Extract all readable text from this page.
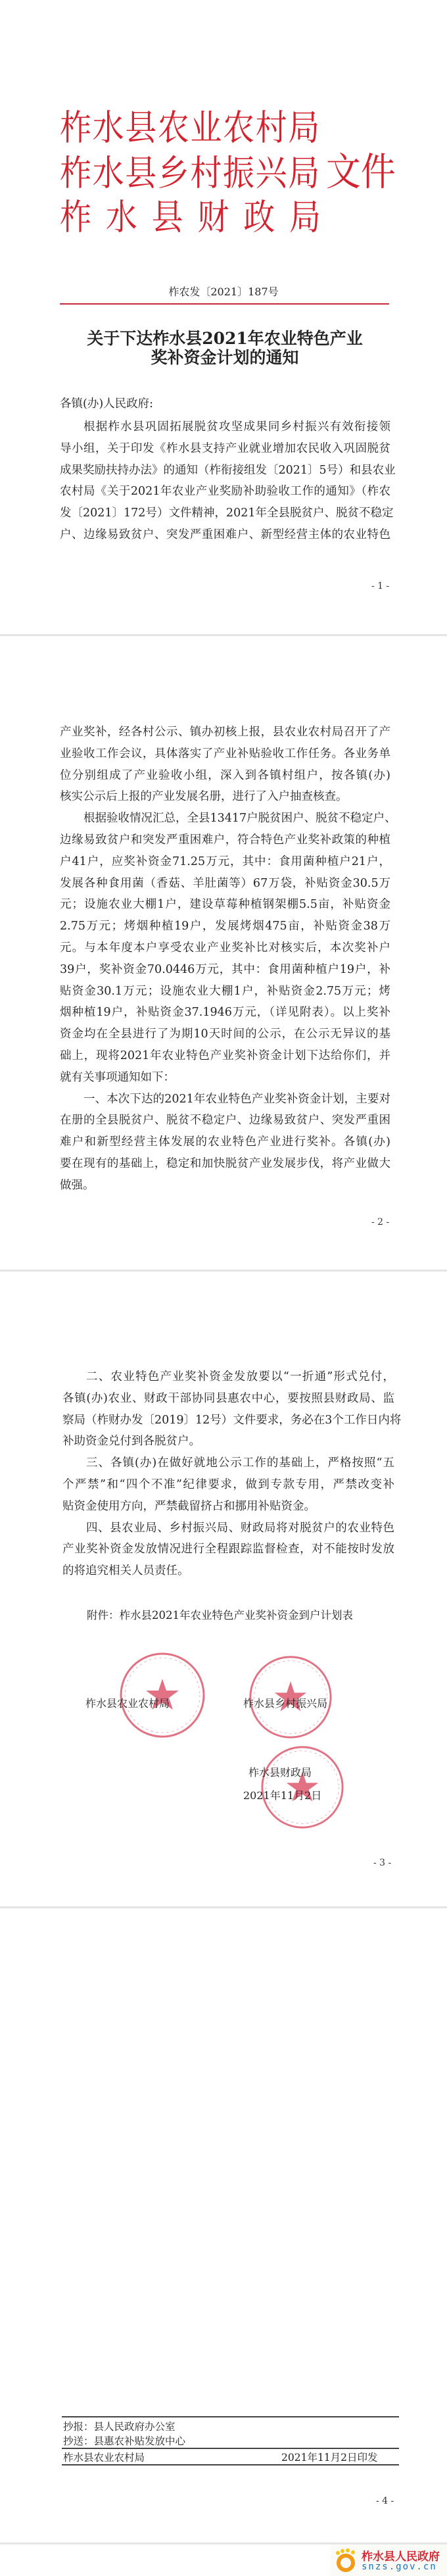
柞水县农业农村局
柞水县乡村振兴局 文件
柞水县财政局
柞农发〔2021〕187号
关于下达柞水县2021年农业特色产业
奖补资金计划的通知
各镇(办)人民政府:
根据柞水县巩固拓展脱贫攻坚成果同乡村振兴有效衔接领
导小组，关于印发《柞水县支持产业就业增加农民收入巩固脱贫
成果奖励扶持办法》的通知（柞衔接组发〔2021〕5号）和县农业
农村局《关于2021年农业产业奖励补助验收工作的通知》（柞农
发〔2021〕172号）文件精神，2021年全县脱贫户、脱贫不稳定
户、边缘易致贫户、突发严重困难户、新型经营主体的农业特色
- 1 -
产业奖补，经各村公示、镇办初核上报，县农业农村局召开了产
业验收工作会议，具体落实了产业补贴验收工作任务。各业务单
位分别组成了产业验收小组，深入到各镇村组户，按各镇(办)
核实公示后上报的产业发展名册，进行了入户抽查核查。
根据验收情况汇总，全县13417户脱贫困户、脱贫不稳定户、
边缘易致贫户和突发严重困难户，符合特色产业奖补政策的种植
户41户，应奖补资金71.25万元，其中：食用菌种植户21户，
发展各种食用菌（香菇、羊肚菌等）67万袋，补贴资金30.5万
元；设施农业大棚1户，建设草莓种植钢架棚5.5亩，补贴资金
2.75万元；烤烟种植19户，发展烤烟475亩，补贴资金38万
元。与本年度本户享受农业产业奖补比对核实后，本次奖补户
39户，奖补资金70.0446万元，其中：食用菌种植户19户，补
贴资金30.1万元；设施农业大棚1户，补贴资金2.75万元；烤
烟种植19户，补贴资金37.1946万元，（详见附表）。以上奖补
资金均在全县进行了为期10天时间的公示，在公示无异议的基
础上，现将2021年农业特色产业奖补资金计划下达给你们，并
就有关事项通知如下：
一、本次下达的2021年农业特色产业奖补资金计划，主要对
在册的全县脱贫户、脱贫不稳定户、边缘易致贫户、突发严重困
难户和新型经营主体发展的农业特色产业进行奖补。各镇(办)
要在现有的基础上，稳定和加快脱贫产业发展步伐，将产业做大
做强。
- 2 -
二、农业特色产业奖补资金发放要以“一折通”形式兑付，
各镇(办)农业、财政干部协同县惠农中心，要按照县财政局、监
察局（柞财办发〔2019〕12号）文件要求，务必在3个工作日内将
补助资金兑付到各脱贫户。
三、各镇(办)在做好就地公示工作的基础上，严格按照“五
个严禁”和“四个不准”纪律要求，做到专款专用，严禁改变补
贴资金使用方向，严禁截留挤占和挪用补贴资金。
四、县农业局、乡村振兴局、财政局将对脱贫户的农业特色
产业奖补资金发放情况进行全程跟踪监督检查，对不能按时发放
的将追究相关人员责任。
附件：柞水县2021年农业特色产业奖补资金到户计划表
柞水县农业农村局	柞水县乡村振兴局
柞水县财政局
2021年11月2日
- 3 -
抄报：县人民政府办公室
抄送：县惠农补贴发放中心
柞水县农业农村局	2021年11月2日印发
- 4 -
柞水县人民政府
snzs.gov.cn
